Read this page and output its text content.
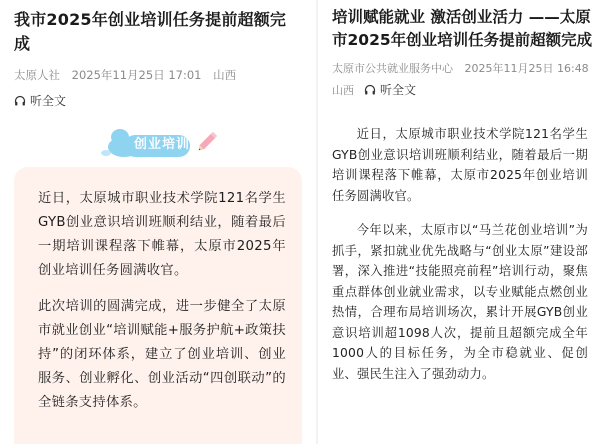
我市2025年创业培训任务提前超额完成
太原人社 2025年11月25日 17:01 山西
听全文
创业培训

近日，太原城市职业技术学院121名学生GYB创业意识培训班顺利结业，随着最后一期培训课程落下帷幕，太原市2025年创业培训任务圆满收官。

此次培训的圆满完成，进一步健全了太原市就业创业“培训赋能+服务护航+政策扶持”的闭环体系，建立了创业培训、创业服务、创业孵化、创业活动“四创联动”的全链条支持体系。

培训赋能就业 激活创业活力 ——太原市2025年创业培训任务提前超额完成
太原市公共就业服务中心 2025年11月25日 16:48
山西 听全文

近日，太原城市职业技术学院121名学生GYB创业意识培训班顺利结业，随着最后一期培训课程落下帷幕，太原市2025年创业培训任务圆满收官。

今年以来，太原市以“马兰花创业培训”为抓手，紧扣就业优先战略与“创业太原”建设部署，深入推进“技能照亮前程”培训行动，聚焦重点群体创业就业需求，以专业赋能点燃创业热情，合理布局培训场次，累计开展GYB创业意识培训超1098人次，提前且超额完成全年1000人的目标任务，为全市稳就业、促创业、强民生注入了强劲动力。
